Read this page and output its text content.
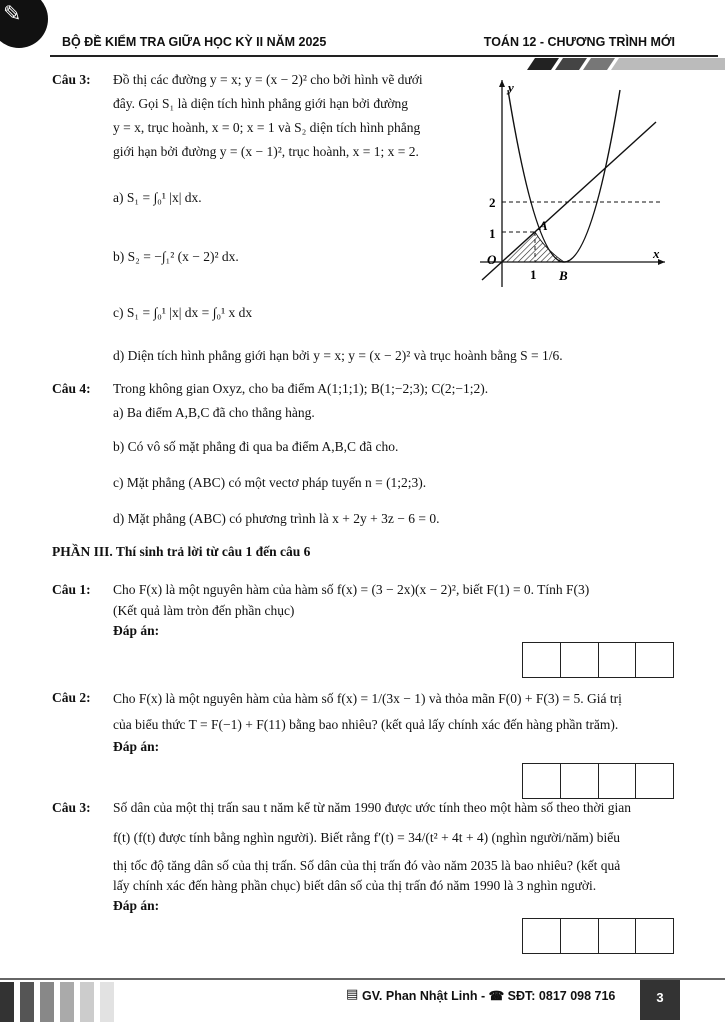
✎
BỘ ĐỀ KIỂM TRA GIỮA HỌC KỲ II NĂM 2025	TOÁN 12 - CHƯƠNG TRÌNH MỚI
Câu 3: Đồ thị các đường y = x; y = (x − 2)² cho bởi hình vẽ dưới
đây. Gọi S₁ là diện tích hình phẳng giới hạn bởi đường
y = x, trục hoành, x = 0; x = 1 và S₂ diện tích hình phẳng
giới hạn bởi đường y = (x − 1)², trục hoành, x = 1; x = 2.
a) S₁ = ∫₀¹ |x| dx.
b) S₂ = −∫₁² (x − 2)² dx.
c) S₁ = ∫₀¹ |x| dx = ∫₀¹ x dx
d) Diện tích hình phẳng giới hạn bởi y = x; y = (x − 2)² và trục hoành bằng S = 1/6.
y
x
O
2
1
1
A
B
Câu 4: Trong không gian Oxyz, cho ba điểm A(1;1;1); B(1;−2;3); C(2;−1;2).
a) Ba điểm A,B,C đã cho thẳng hàng.
b) Có vô số mặt phẳng đi qua ba điểm A,B,C đã cho.
c) Mặt phẳng (ABC) có một vectơ pháp tuyến n = (1;2;3).
d) Mặt phẳng (ABC) có phương trình là x + 2y + 3z − 6 = 0.
PHẦN III. Thí sinh trả lời từ câu 1 đến câu 6
Câu 1: Cho F(x) là một nguyên hàm của hàm số f(x) = (3 − 2x)(x − 2)², biết F(1) = 0. Tính F(3)
(Kết quả làm tròn đến phần chục)
Đáp án:
Câu 2: Cho F(x) là một nguyên hàm của hàm số f(x) = 1/(3x − 1) và thỏa mãn F(0) + F(3) = 5. Giá trị
của biểu thức T = F(−1) + F(11) bằng bao nhiêu? (kết quả lấy chính xác đến hàng phần trăm).
Đáp án:
Câu 3: Số dân của một thị trấn sau t năm kể từ năm 1990 được ước tính theo một hàm số theo thời gian
f(t) (f(t) được tính bằng nghìn người). Biết rằng f′(t) = 34/(t² + 4t + 4) (nghìn người/năm) biểu
thị tốc độ tăng dân số của thị trấn. Số dân của thị trấn đó vào năm 2035 là bao nhiêu? (kết quả
lấy chính xác đến hàng phần chục) biết dân số của thị trấn đó năm 1990 là 3 nghìn người.
Đáp án:
▤ GV. Phan Nhật Linh - ☎ SĐT: 0817 098 716	3
